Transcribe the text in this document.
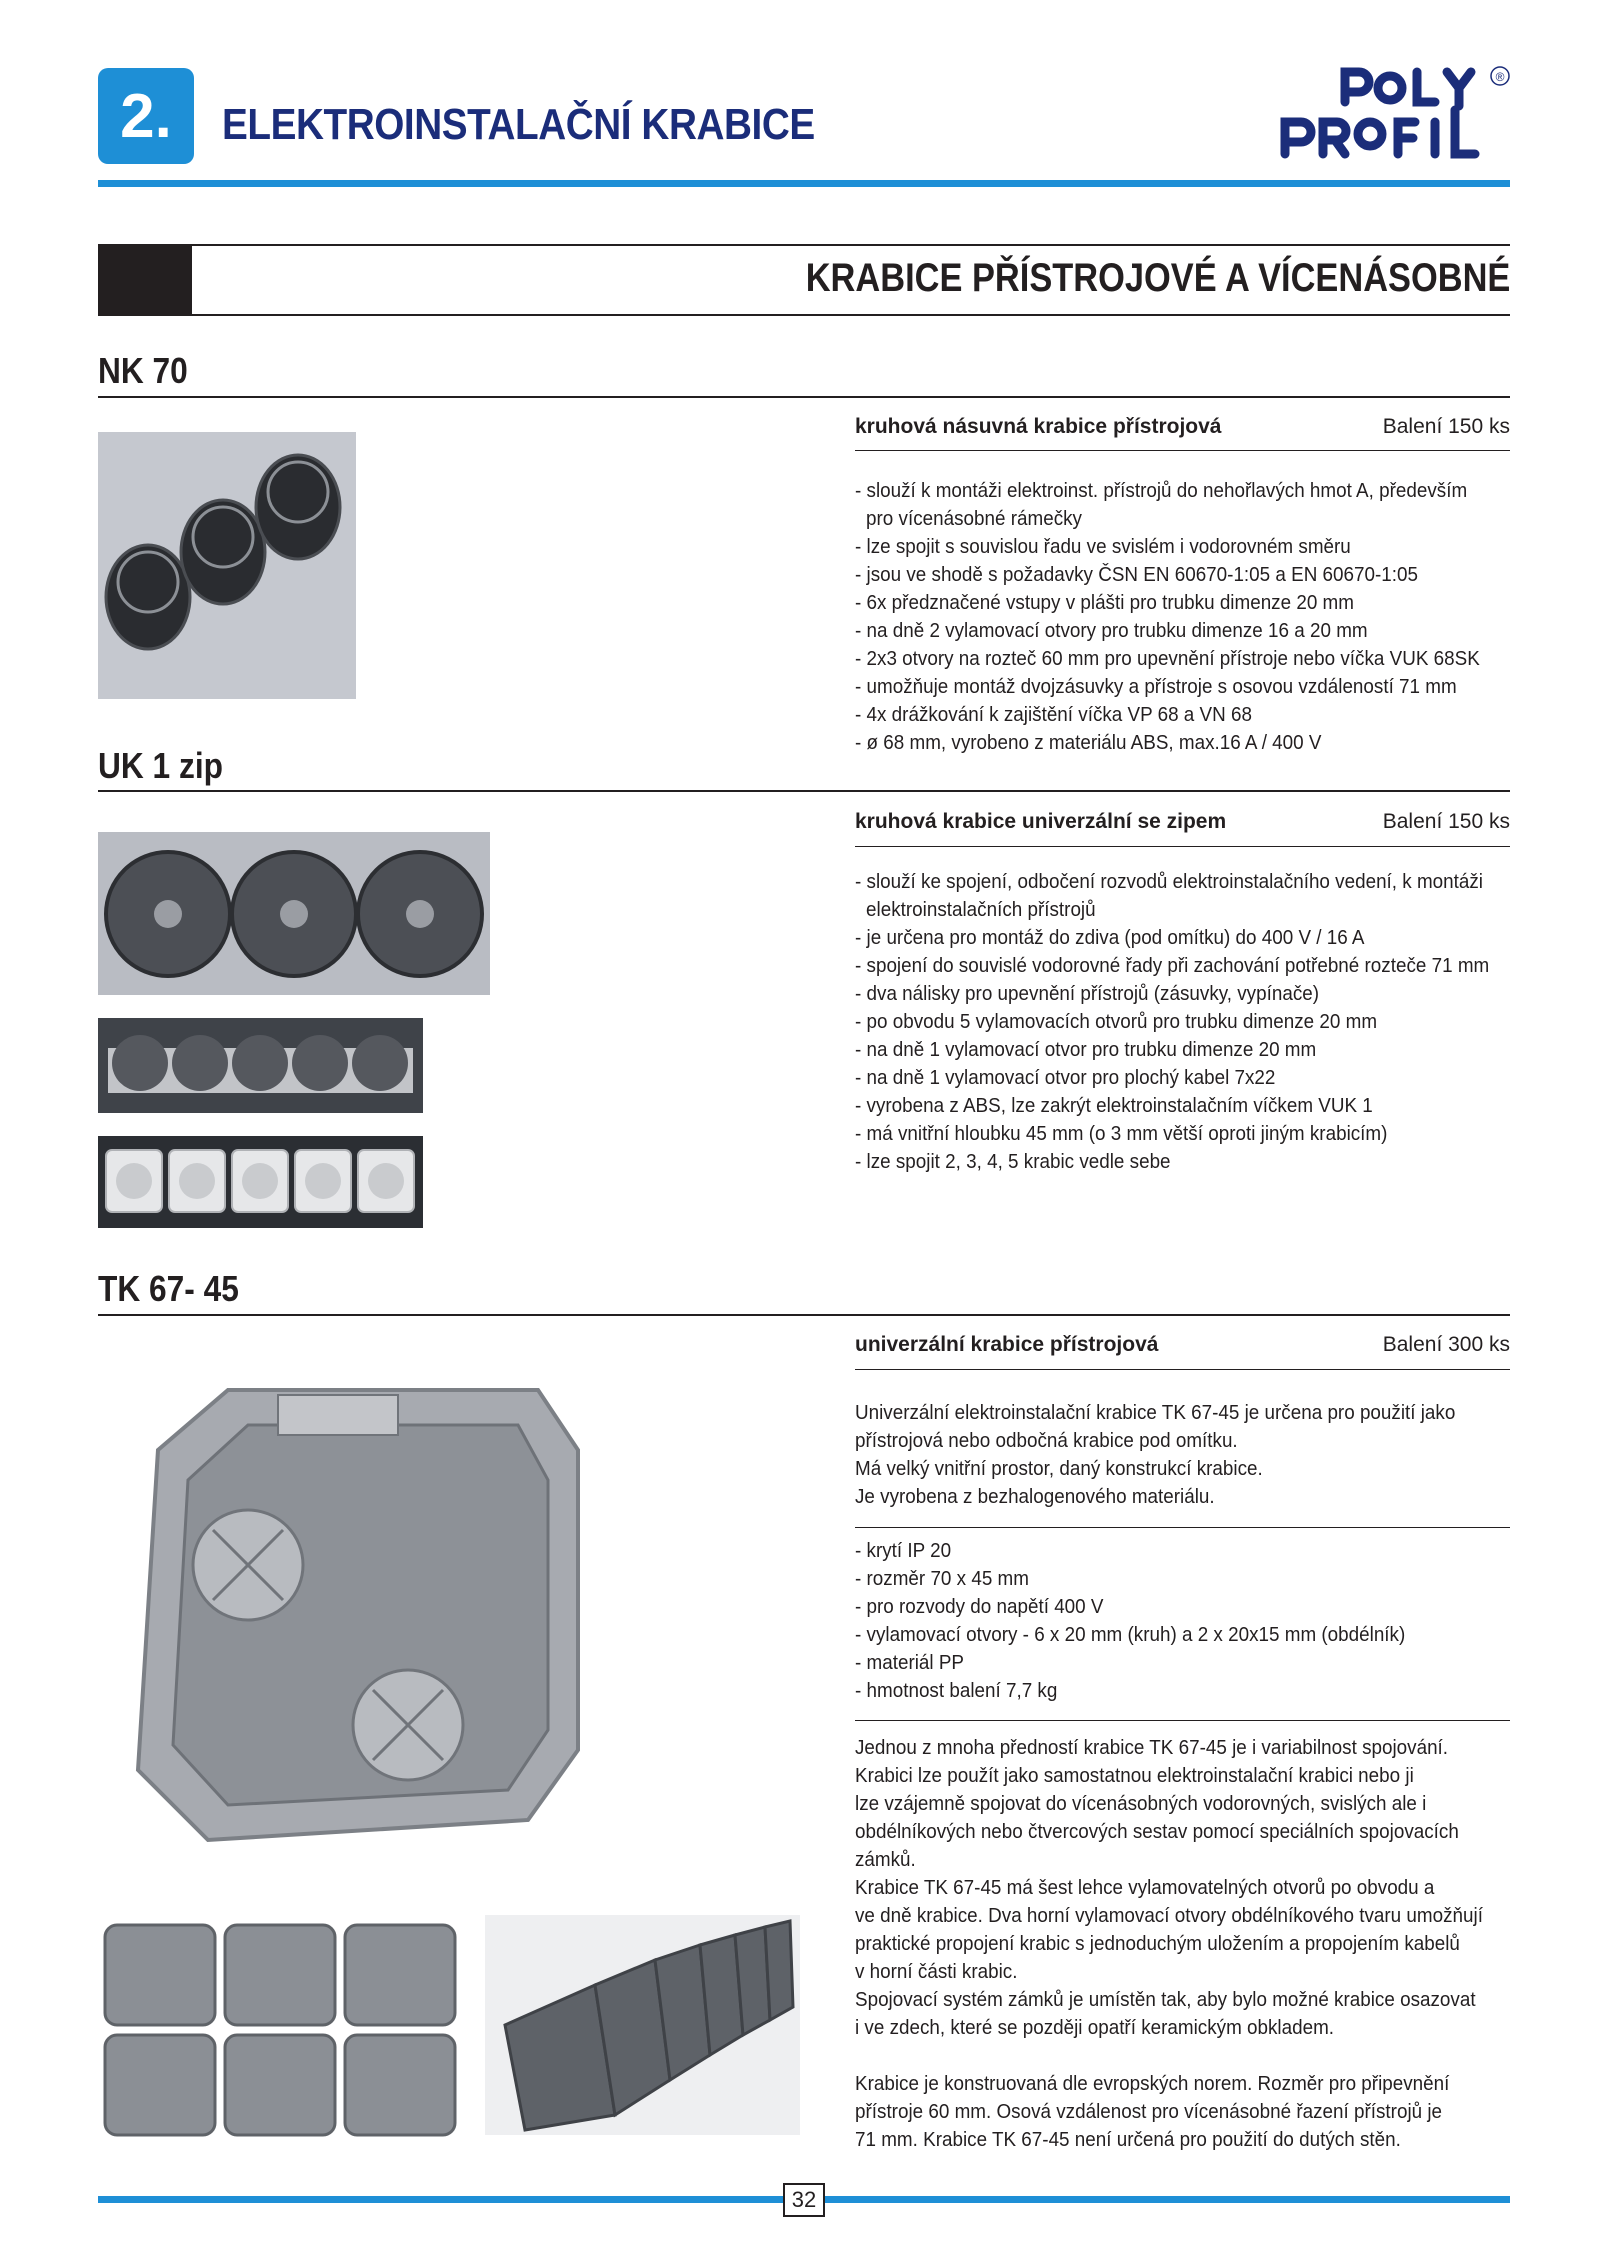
2. ELEKTROINSTALAČNÍ KRABICE
®
KRABICE PŘÍSTROJOVÉ A VÍCENÁSOBNÉ
NK 70
kruhová násuvná krabice přístrojová	Balení 150 ks
- slouží k montáži elektroinst. přístrojů do nehořlavých hmot A, především
pro vícenásobné rámečky
- lze spojit s souvislou řadu ve svislém i vodorovném směru
- jsou ve shodě s požadavky ČSN EN 60670-1:05 a EN 60670-1:05
- 6x předznačené vstupy v plášti pro trubku dimenze 20 mm
- na dně 2 vylamovací otvory pro trubku dimenze 16 a 20 mm
- 2x3 otvory na rozteč 60 mm pro upevnění přístroje nebo víčka VUK 68SK
- umožňuje montáž dvojzásuvky a přístroje s osovou vzdáleností 71 mm
- 4x drážkování k zajištění víčka VP 68 a VN 68
- ø 68 mm, vyrobeno z materiálu ABS, max.16 A / 400 V
UK 1 zip
kruhová krabice univerzální se zipem	Balení 150 ks
- slouží ke spojení, odbočení rozvodů elektroinstalačního vedení, k montáži
elektroinstalačních přístrojů
- je určena pro montáž do zdiva (pod omítku) do 400 V / 16 A
- spojení do souvislé vodorovné řady při zachování potřebné rozteče 71 mm
- dva nálisky pro upevnění přístrojů (zásuvky, vypínače)
- po obvodu 5 vylamovacích otvorů pro trubku dimenze 20 mm
- na dně 1 vylamovací otvor pro trubku dimenze 20 mm
- na dně 1 vylamovací otvor pro plochý kabel 7x22
- vyrobena z ABS, lze zakrýt elektroinstalačním víčkem VUK 1
- má vnitřní hloubku 45 mm (o 3 mm větší oproti jiným krabicím)
- lze spojit 2, 3, 4, 5 krabic vedle sebe
TK 67- 45
univerzální krabice přístrojová	Balení 300 ks
Univerzální elektroinstalační krabice TK 67-45 je určena pro použití jako
přístrojová nebo odbočná krabice pod omítku.
Má velký vnitřní prostor, daný konstrukcí krabice.
Je vyrobena z bezhalogenového materiálu.
- krytí IP 20
- rozměr 70 x 45 mm
- pro rozvody do napětí 400 V
- vylamovací otvory - 6 x 20 mm (kruh) a 2 x 20x15 mm (obdélník)
- materiál PP
- hmotnost balení 7,7 kg
Jednou z mnoha předností krabice TK 67-45 je i variabilnost spojování.
Krabici lze použít jako samostatnou elektroinstalační krabici nebo ji
lze vzájemně spojovat do vícenásobných vodorovných, svislých ale i
obdélníkových nebo čtvercových sestav pomocí speciálních spojovacích
zámků.
Krabice TK 67-45 má šest lehce vylamovatelných otvorů po obvodu a
ve dně krabice. Dva horní vylamovací otvory obdélníkového tvaru umožňují
praktické propojení krabic s jednoduchým uložením a propojením kabelů
v horní části krabic.
Spojovací systém zámků je umístěn tak, aby bylo možné krabice osazovat
i ve zdech, které se později opatří keramickým obkladem.
Krabice je konstruovaná dle evropských norem. Rozměr pro připevnění
přístroje 60 mm. Osová vzdálenost pro vícenásobné řazení přístrojů je
71 mm. Krabice TK 67-45 není určená pro použití do dutých stěn.
32
